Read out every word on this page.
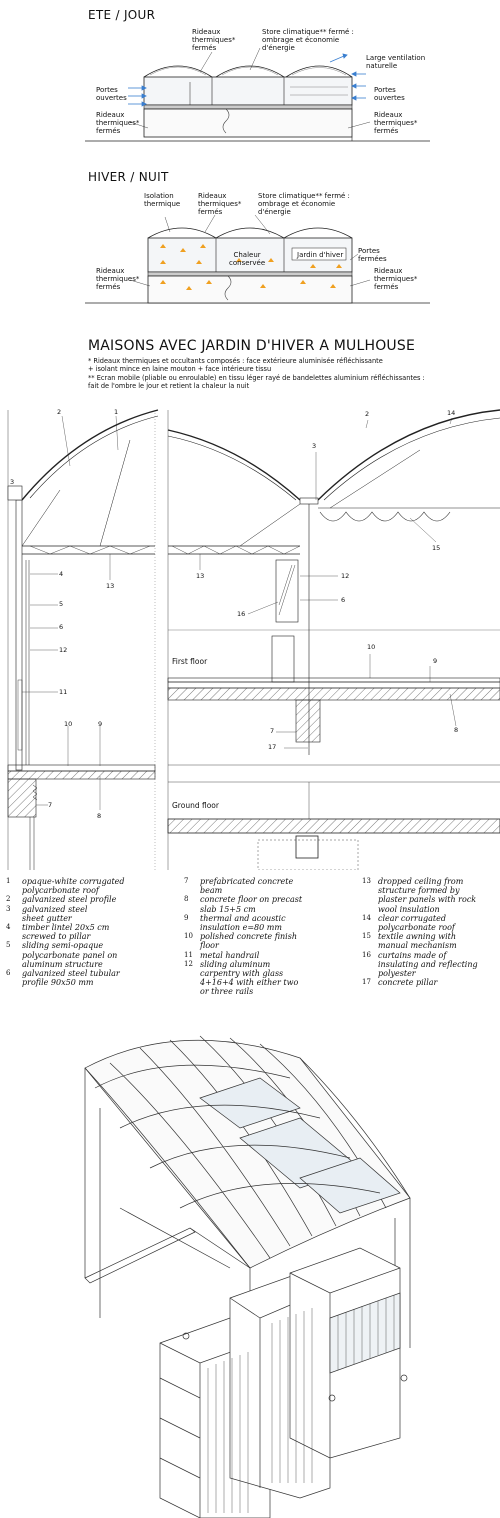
ETE / JOUR
Rideaux
thermiques*
fermés
Store climatique** fermé :
ombrage et économie
d'énergie
Large ventilation
naturelle
Portes
ouvertes
Portes
ouvertes
Rideaux
thermiques*
fermés
Rideaux
thermiques*
fermés
HIVER / NUIT
Isolation
thermique
Rideaux
thermiques*
fermés
Store climatique** fermé :
ombrage et économie
d'énergie
Portes
fermées
Chaleur
conservée
Jardin d'hiver
Rideaux
thermiques*
fermés
Rideaux
thermiques*
fermés
MAISONS AVEC JARDIN D'HIVER A MULHOUSE
* Rideaux thermiques et occultants composés : face extérieure aluminisée réfléchissante
+ isolant mince en laine mouton + face intérieure tissu
** Ecran mobile (pliable ou enroulable) en tissu léger rayé de bandelettes aluminium réfléchissantes :
fait de l'ombre le jour et retient la chaleur la nuit
2	1
3
4
13
5
6
12
11
10	9
7
8
2	14
3
15
13	12
6
16
10
9
8
7
17
First floor
Ground floor
1	opaque-white corrugated
polycarbonate roof
2	galvanized steel profile
3	galvanized steel
sheet gutter
4	timber lintel 20x5 cm
screwed to pillar
5	sliding semi-opaque
polycarbonate panel on
aluminum structure
6	galvanized steel tubular
profile 90x50 mm
7	prefabricated concrete
beam
8	concrete floor on precast
slab 15+5 cm
9	thermal and acoustic
insulation e=80 mm
10 polished concrete finish
floor
11 metal handrail
12 sliding aluminum
carpentry with glass
4+16+4 with either two
or three rails
13 dropped ceiling from
structure formed by
plaster panels with rock
wool insulation
14 clear corrugated
polycarbonate roof
15 textile awning with
manual mechanism
16 curtains made of
insulating and reflecting
polyester
17 concrete pillar
